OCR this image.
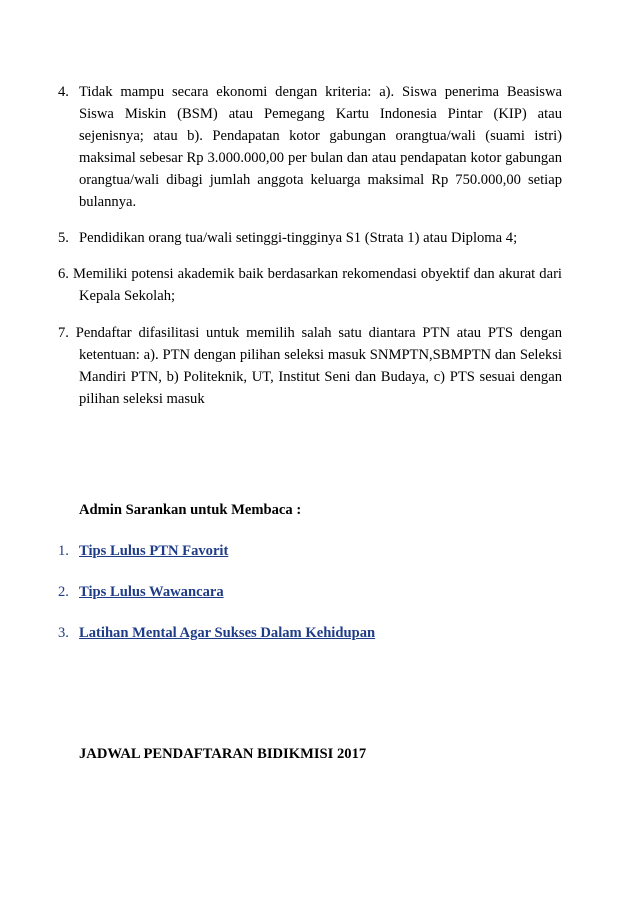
4. Tidak mampu secara ekonomi dengan kriteria: a). Siswa penerima Beasiswa Siswa Miskin (BSM) atau Pemegang Kartu Indonesia Pintar (KIP) atau sejenisnya; atau b). Pendapatan kotor gabungan orangtua/wali (suami istri) maksimal sebesar Rp 3.000.000,00 per bulan dan atau pendapatan kotor gabungan orangtua/wali dibagi jumlah anggota keluarga maksimal Rp 750.000,00 setiap bulannya.
5. Pendidikan orang tua/wali setinggi-tingginya S1 (Strata 1) atau Diploma 4;
6. Memiliki potensi akademik baik berdasarkan rekomendasi obyektif dan akurat dari Kepala Sekolah;
7. Pendaftar difasilitasi untuk memilih salah satu diantara PTN atau PTS dengan ketentuan: a). PTN dengan pilihan seleksi masuk SNMPTN,SBMPTN dan Seleksi Mandiri PTN, b) Politeknik, UT, Institut Seni dan Budaya, c) PTS sesuai dengan pilihan seleksi masuk
Admin Sarankan untuk Membaca :
1. Tips Lulus PTN Favorit
2. Tips Lulus Wawancara
3. Latihan Mental Agar Sukses Dalam Kehidupan
JADWAL PENDAFTARAN BIDIKMISI 2017
